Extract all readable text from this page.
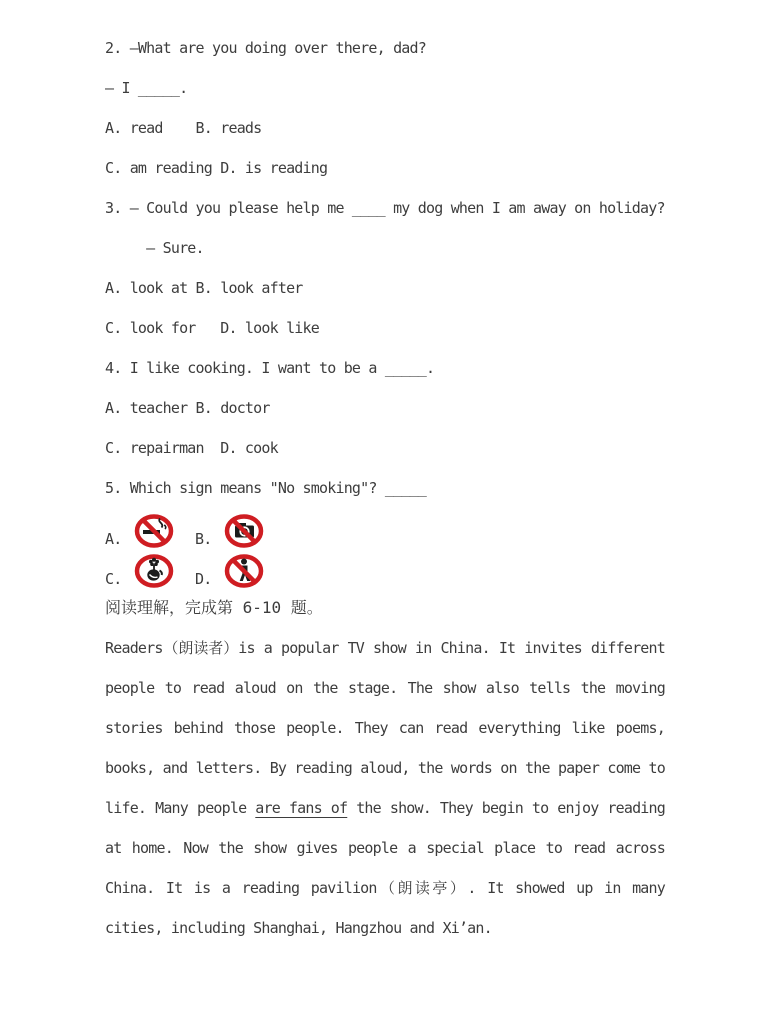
2. —What are you doing over there, dad?
— I _____.
A. read    B. reads
C. am reading D. is reading
3. — Could you please help me ____ my dog when I am away on holiday?
— Sure.
A. look at B. look after
C. look for   D. look like
4. I like cooking. I want to be a _____.
A. teacher B. doctor
C. repairman  D. cook
5. Which sign means "No smoking"? _____
A.	B.
C.	D.
阅读理解，完成第 6-10 题。

Readers（朗读者）is a popular TV show in China. It invites different people to read aloud on the stage. The show also tells the moving stories behind those people. They can read everything like poems, books, and letters. By reading aloud, the words on the paper come to life. Many people are fans of the show. They begin to enjoy reading at home. Now the show gives people a special place to read across China. It is a reading pavilion（朗读亭）. It showed up in many cities, including Shanghai, Hangzhou and Xi’an.
